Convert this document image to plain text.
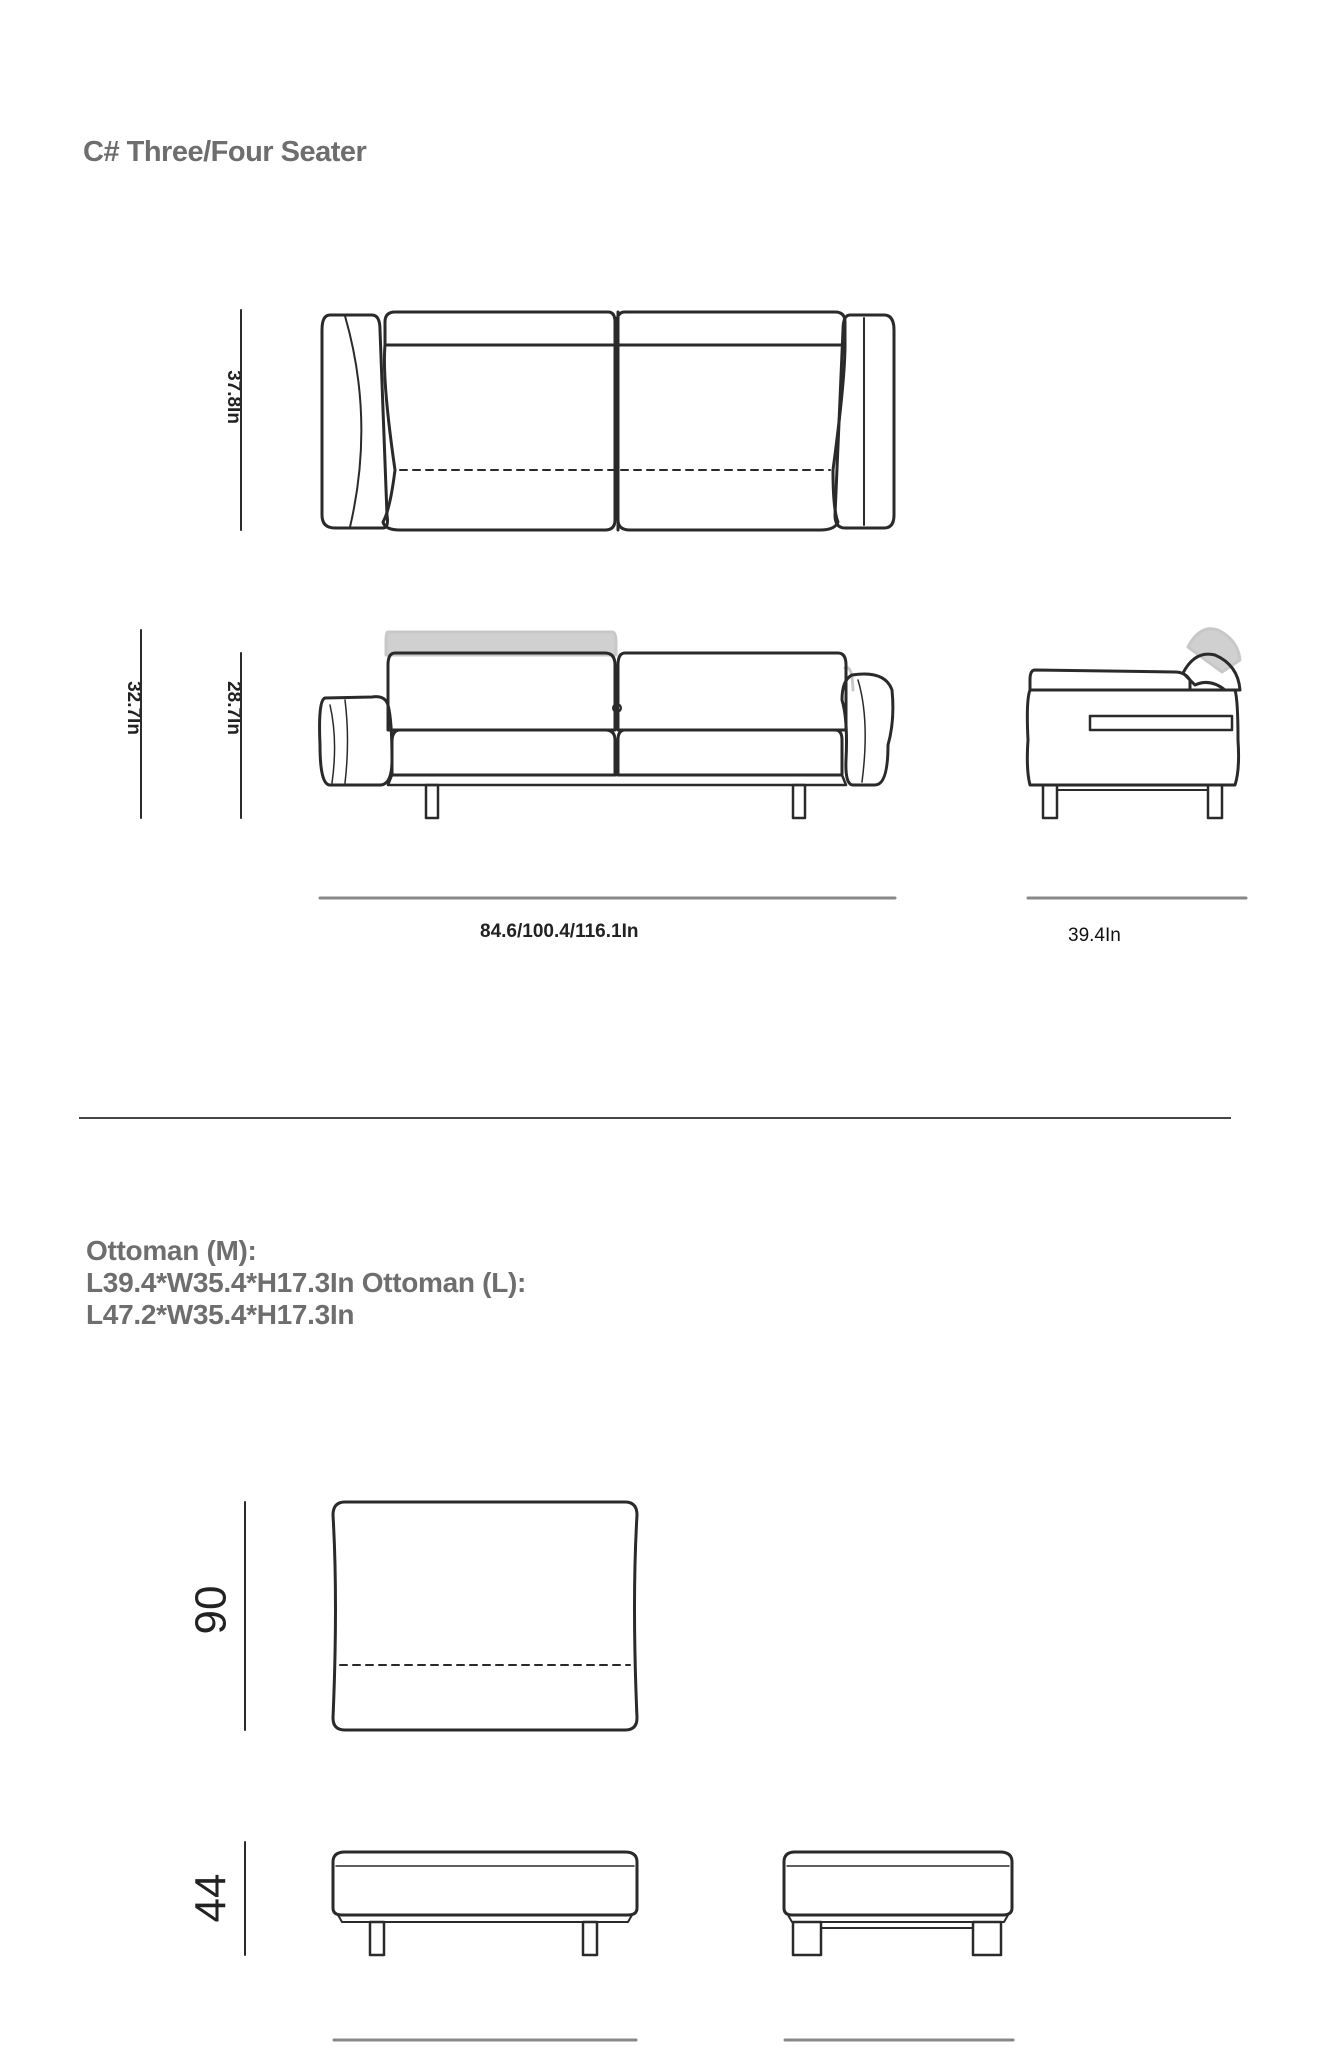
C# Three/Four Seater
Ottoman (M):
L39.4*W35.4*H17.3In Ottoman (L):
L47.2*W35.4*H17.3In
37.8In
32.7In	28.7In
84.6/100.4/116.1In	39.4In
90
44
